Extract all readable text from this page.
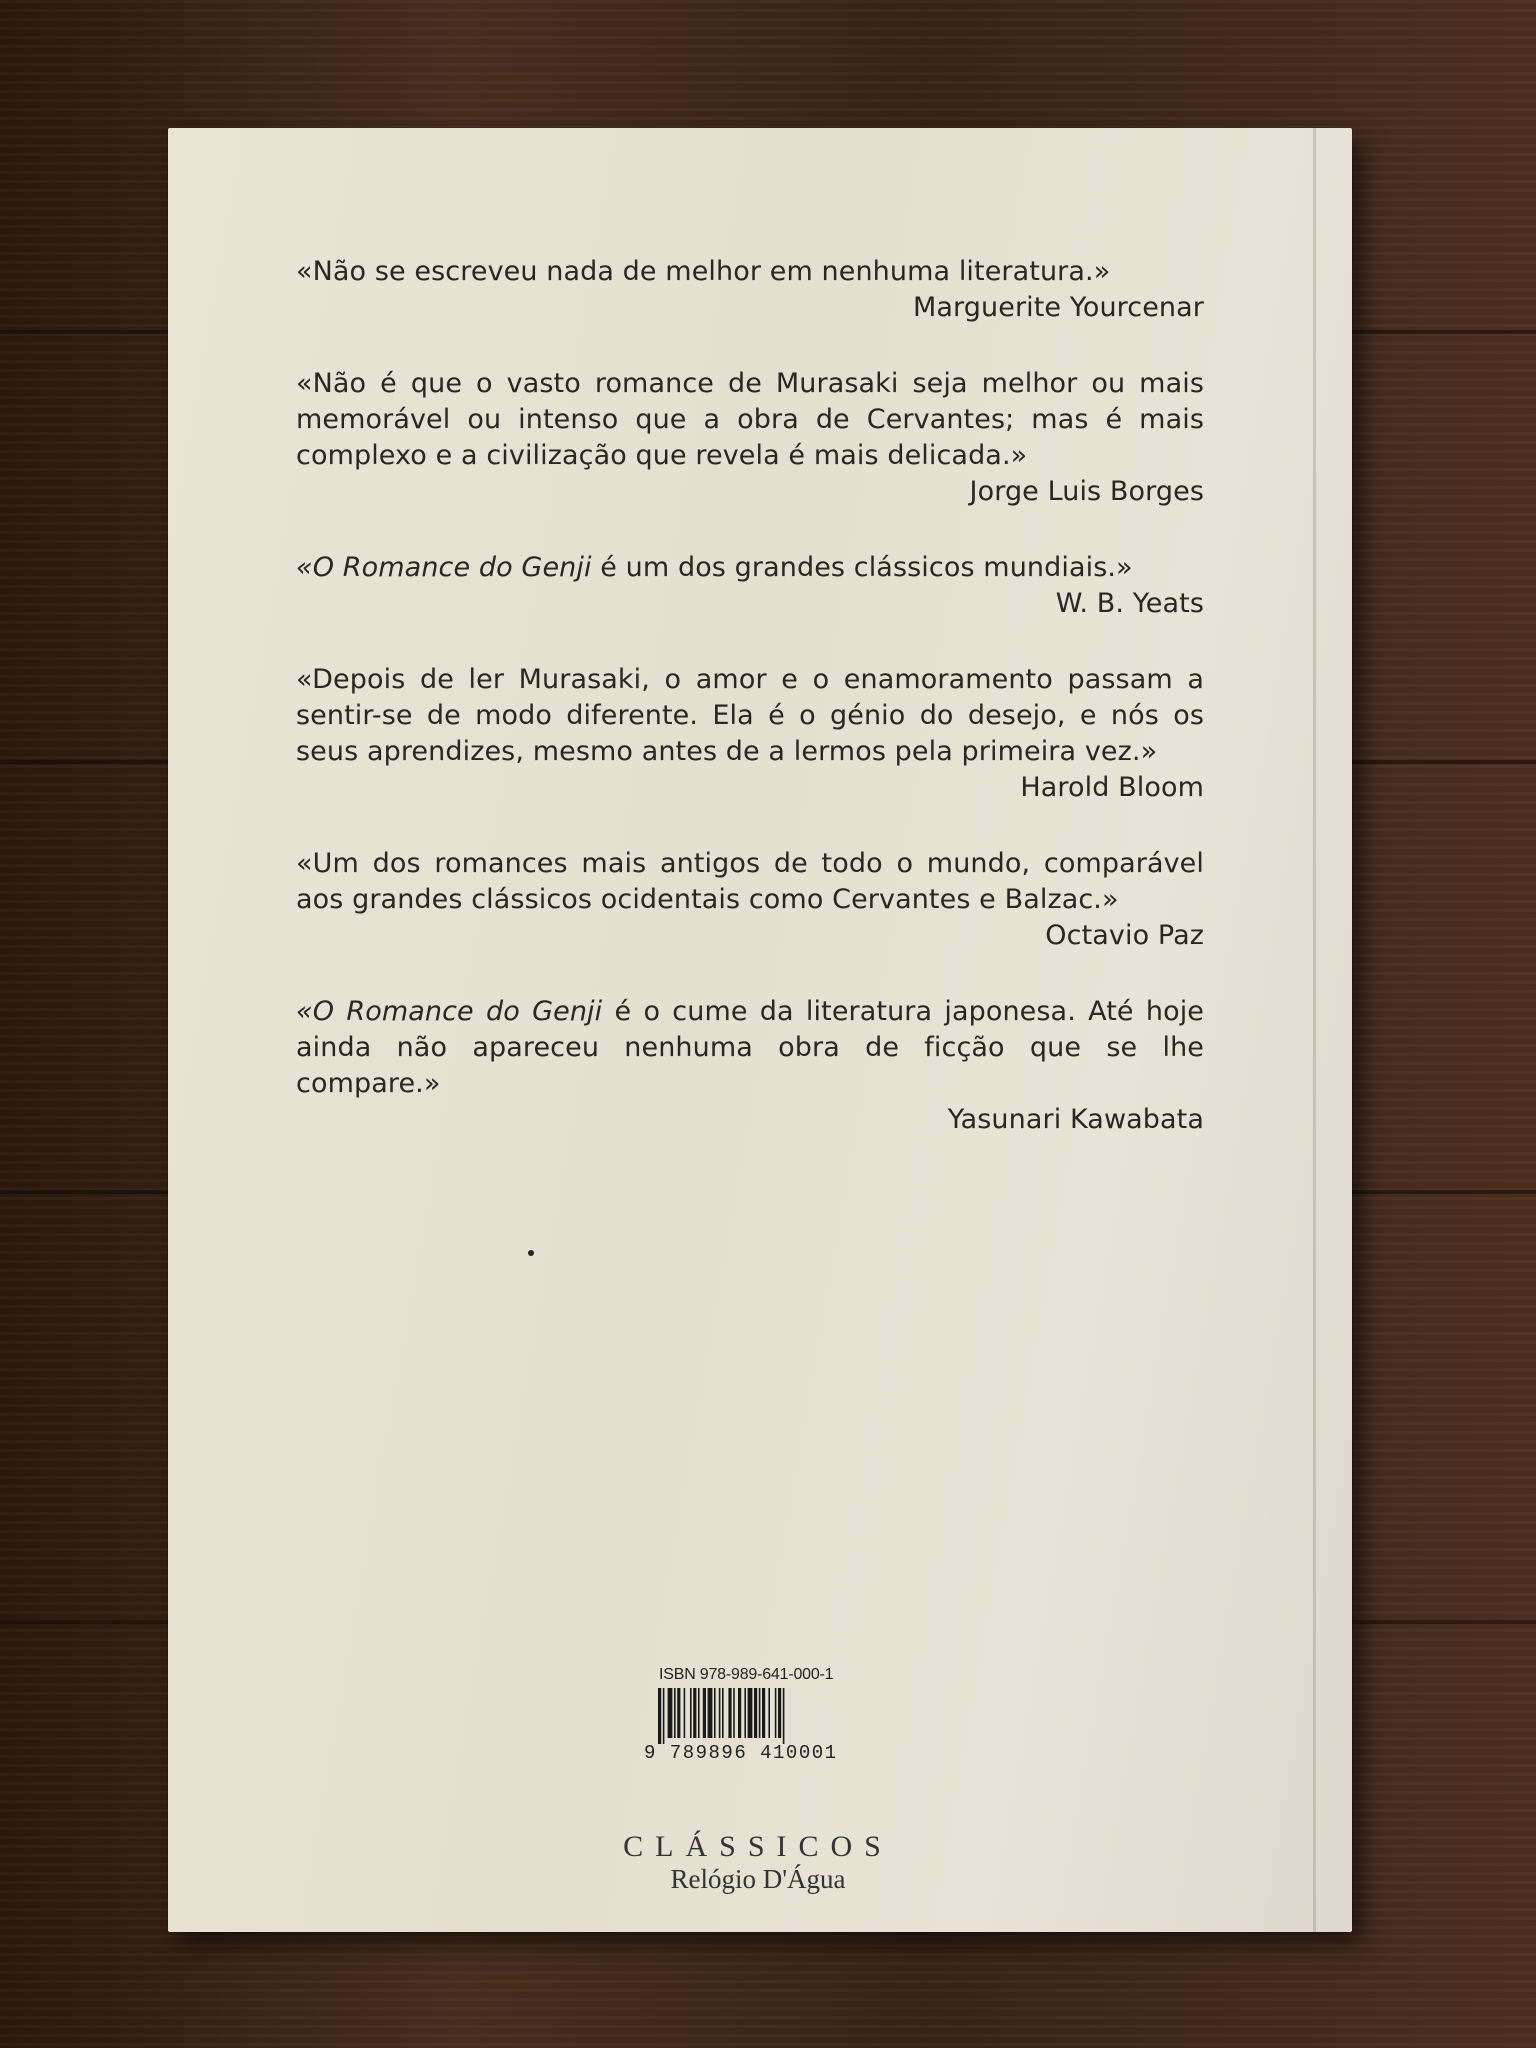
«Não se escreveu nada de melhor em nenhuma literatura.»

Marguerite Yourcenar

«Não é que o vasto romance de Murasaki seja melhor ou mais memorável ou intenso que a obra de Cervantes; mas é mais complexo e a civilização que revela é mais delicada.»

Jorge Luis Borges

«O Romance do Genji é um dos grandes clássicos mundiais.»

W. B. Yeats

«Depois de ler Murasaki, o amor e o enamoramento passam a sentir-se de modo diferente. Ela é o génio do desejo, e nós os seus aprendizes, mesmo antes de a lermos pela primeira vez.»

Harold Bloom

«Um dos romances mais antigos de todo o mundo, comparável aos grandes clássicos ocidentais como Cervantes e Balzac.»

Octavio Paz

«O Romance do Genji é o cume da literatura japonesa. Até hoje ainda não apareceu nenhuma obra de ficção que se lhe compare.»

Yasunari Kawabata

ISBN 978-989-641-000-1
9 789896 410001
CLÁSSICOS
Relógio D'Água
